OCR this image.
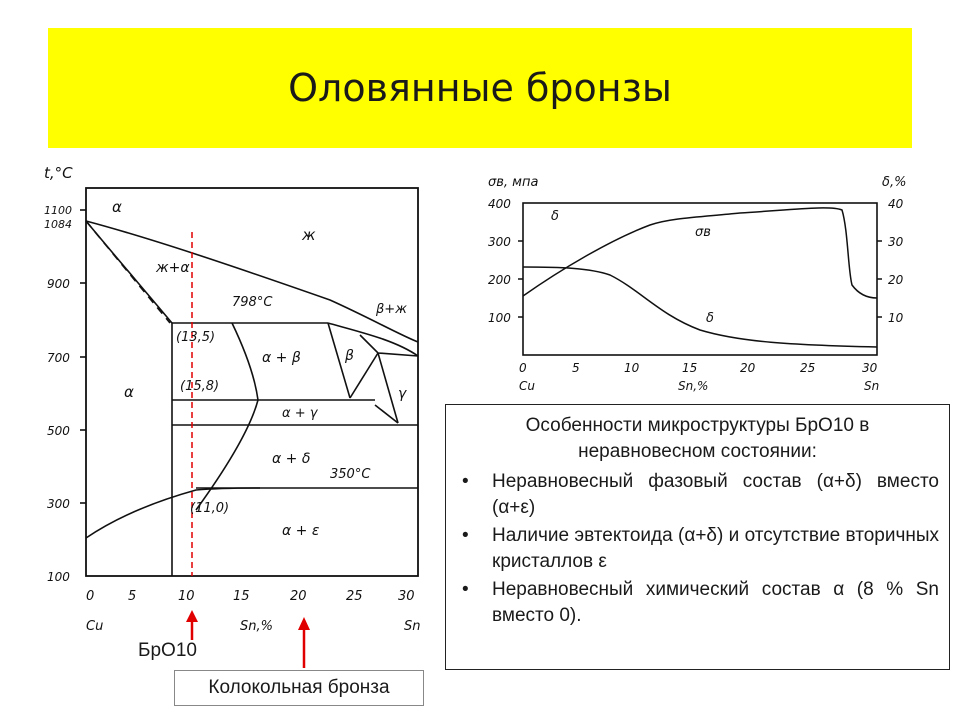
Оловянные бронзы
t,°C
1100
1084
900
700
500
300
100
0	5	10	15	20	25	30
Cu	Sn,%	Sn
α
ж
ж+α
β+ж
798°C
(13,5)
(15,8)
α + β	β
γ
α
α + γ
α + δ
350°C
(11,0)
α + ε
σв, мпа	δ,%
400
300
200
100
40
30
20
10
0	5	10	15	20	25	30
Cu	Sn,%	Sn
δ
σв
δ
Особенности микроструктуры БрО10 в неравновесном состоянии:
• Неравновесный фазовый состав (α+δ) вместо (α+ε)
• Наличие эвтектоида (α+δ) и отсутствие вторичных кристаллов ε
• Неравновесный химический состав α (8 % Sn вместо 0).
БрО10
Колокольная бронза
